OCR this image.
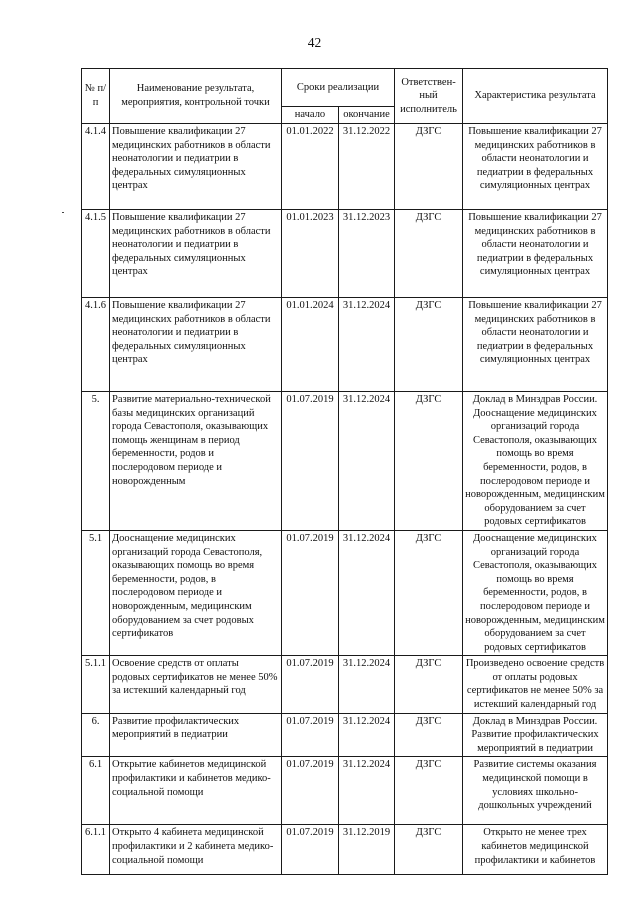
42
№ п/п	Наименование результата, мероприятия, контрольной точки	Сроки реализации		Ответствен-ный исполнитель	Характеристика результата
		начало	окончание		
4.1.4	Повышение квалификации 27 медицинских работников в области неонатологии и педиатрии в федеральных симуляционных центрах	01.01.2022	31.12.2022	ДЗГС	Повышение квалификации 27 медицинских работников в области неонатологии и педиатрии в федеральных симуляционных центрах
4.1.5	Повышение квалификации 27 медицинских работников в области неонатологии и педиатрии в федеральных симуляционных центрах	01.01.2023	31.12.2023	ДЗГС	Повышение квалификации 27 медицинских работников в области неонатологии и педиатрии в федеральных симуляционных центрах
4.1.6	Повышение квалификации 27 медицинских работников в области неонатологии и педиатрии в федеральных симуляционных центрах	01.01.2024	31.12.2024	ДЗГС	Повышение квалификации 27 медицинских работников в области неонатологии и педиатрии в федеральных симуляционных центрах
5.	Развитие материально-технической базы медицинских организаций города Севастополя, оказывающих помощь женщинам в период беременности, родов и послеродовом периоде и новорожденным	01.07.2019	31.12.2024	ДЗГС	Доклад в Минздрав России. Дооснащение медицинских организаций города Севастополя, оказывающих помощь во время беременности, родов, в послеродовом периоде и новорожденным, медицинским оборудованием за счет родовых сертификатов
5.1	Дооснащение медицинских организаций города Севастополя, оказывающих помощь во время беременности, родов, в послеродовом периоде и новорожденным, медицинским оборудованием за счет родовых сертификатов	01.07.2019	31.12.2024	ДЗГС	Дооснащение медицинских организаций города Севастополя, оказывающих помощь во время беременности, родов, в послеродовом периоде и новорожденным, медицинским оборудованием за счет родовых сертификатов
5.1.1	Освоение средств от оплаты родовых сертификатов не менее 50% за истекший календарный год	01.07.2019	31.12.2024	ДЗГС	Произведено освоение средств от оплаты родовых сертификатов не менее 50% за истекший календарный год
6.	Развитие профилактических мероприятий в педиатрии	01.07.2019	31.12.2024	ДЗГС	Доклад в Минздрав России. Развитие профилактических мероприятий в педиатрии
6.1	Открытие кабинетов медицинской профилактики и кабинетов медико-социальной помощи	01.07.2019	31.12.2024	ДЗГС	Развитие системы оказания медицинской помощи в условиях школьно-дошкольных учреждений
6.1.1	Открыто 4 кабинета медицинской профилактики и 2 кабинета медико-социальной помощи	01.07.2019	31.12.2019	ДЗГС	Открыто не менее трех кабинетов медицинской профилактики и кабинетов
